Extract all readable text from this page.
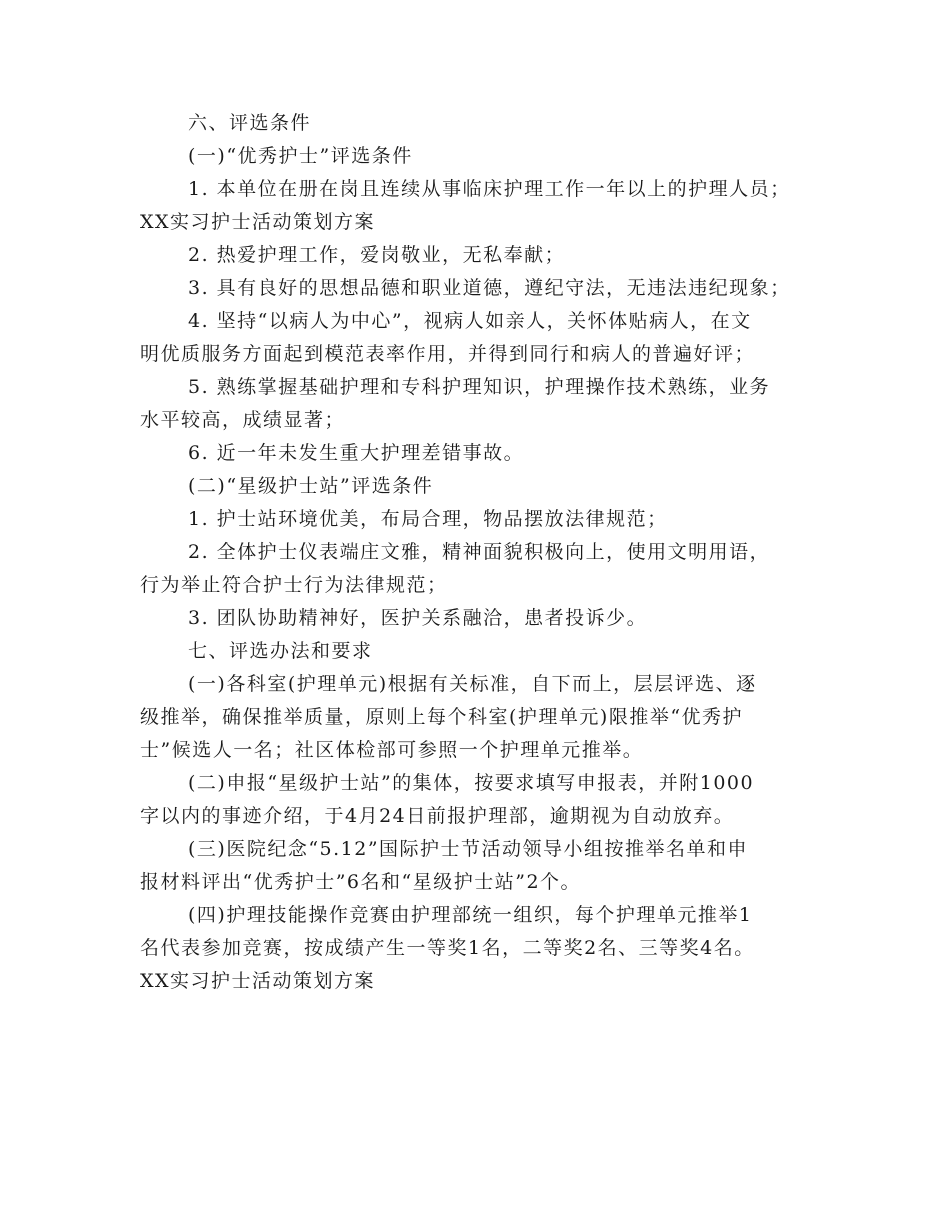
六、评选条件

(一)“优秀护士”评选条件

1. 本单位在册在岗且连续从事临床护理工作一年以上的护理人员；

XX实习护士活动策划方案

2. 热爱护理工作，爱岗敬业，无私奉献；

3. 具有良好的思想品德和职业道德，遵纪守法，无违法违纪现象；

4. 坚持“以病人为中心”，视病人如亲人，关怀体贴病人，在文

明优质服务方面起到模范表率作用，并得到同行和病人的普遍好评；

5. 熟练掌握基础护理和专科护理知识，护理操作技术熟练，业务

水平较高，成绩显著；

6. 近一年未发生重大护理差错事故。

(二)“星级护士站”评选条件

1. 护士站环境优美，布局合理，物品摆放法律规范；

2. 全体护士仪表端庄文雅，精神面貌积极向上，使用文明用语，

行为举止符合护士行为法律规范；

3. 团队协助精神好，医护关系融洽，患者投诉少。

七、评选办法和要求

(一)各科室(护理单元)根据有关标准，自下而上，层层评选、逐

级推举，确保推举质量，原则上每个科室(护理单元)限推举“优秀护

士”候选人一名；社区体检部可参照一个护理单元推举。

(二)申报“星级护士站”的集体，按要求填写申报表，并附1000

字以内的事迹介绍，于4月24日前报护理部，逾期视为自动放弃。

(三)医院纪念“5.12”国际护士节活动领导小组按推举名单和申

报材料评出“优秀护士”6名和“星级护士站”2个。

(四)护理技能操作竞赛由护理部统一组织，每个护理单元推举1

名代表参加竞赛，按成绩产生一等奖1名，二等奖2名、三等奖4名。

XX实习护士活动策划方案
